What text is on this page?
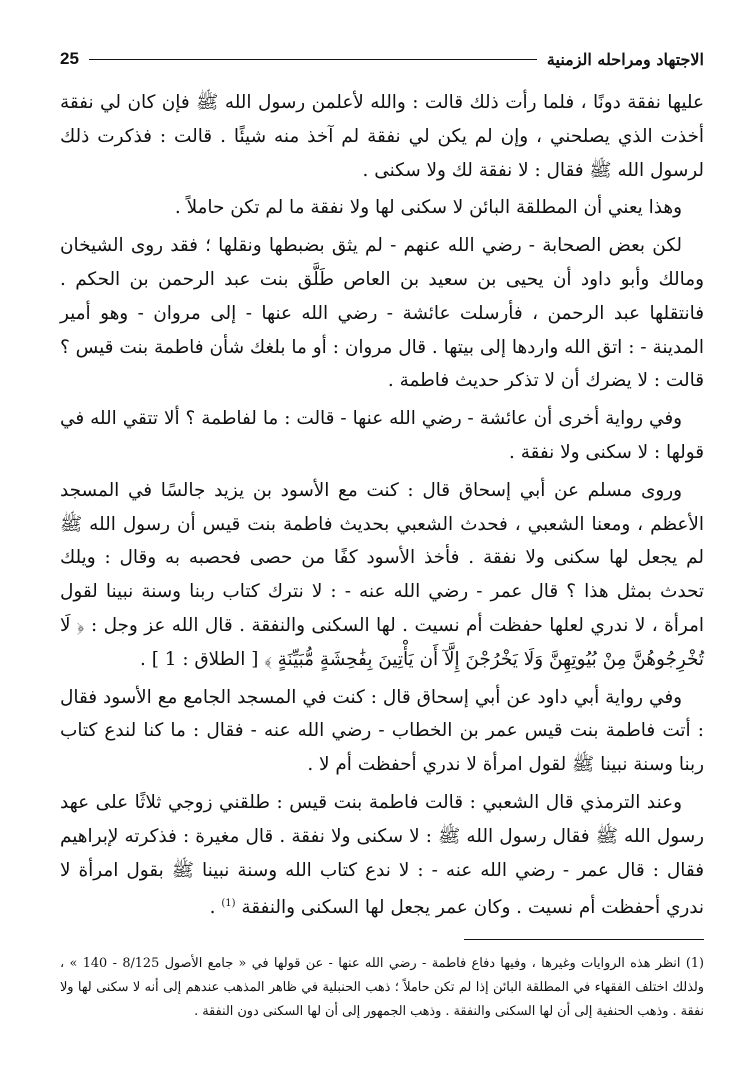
الاجتهاد ومراحله الزمنية
25

عليها نفقة دونًا ، فلما رأت ذلك قالت : والله لأعلمن رسول الله ﷺ فإن كان لي نفقة أخذت الذي يصلحني ، وإن لم يكن لي نفقة لم آخذ منه شيئًا . قالت : فذكرت ذلك لرسول الله ﷺ فقال : لا نفقة لك ولا سكنى .

وهذا يعني أن المطلقة البائن لا سكنى لها ولا نفقة ما لم تكن حاملاً .

لكن بعض الصحابة - رضي الله عنهم - لم يثق بضبطها ونقلها ؛ فقد روى الشيخان ومالك وأبو داود أن يحيى بن سعيد بن العاص طَلَّق بنت عبد الرحمن بن الحكم . فانتقلها عبد الرحمن ، فأرسلت عائشة - رضي الله عنها - إلى مروان - وهو أمير المدينة - : اتق الله واردها إلى بيتها . قال مروان : أو ما بلغك شأن فاطمة بنت قيس ؟ قالت : لا يضرك أن لا تذكر حديث فاطمة .

وفي رواية أخرى أن عائشة - رضي الله عنها - قالت : ما لفاطمة ؟ ألا تتقي الله في قولها : لا سكنى ولا نفقة .

وروى مسلم عن أبي إسحاق قال : كنت مع الأسود بن يزيد جالسًا في المسجد الأعظم ، ومعنا الشعبي ، فحدث الشعبي بحديث فاطمة بنت قيس أن رسول الله ﷺ لم يجعل لها سكنى ولا نفقة . فأخذ الأسود كفًا من حصى فحصبه به وقال : ويلك تحدث بمثل هذا ؟ قال عمر - رضي الله عنه - : لا نترك كتاب ربنا وسنة نبينا لقول امرأة ، لا ندري لعلها حفظت أم نسيت . لها السكنى والنفقة . قال الله عز وجل : ﴿ لَا تُخْرِجُوهُنَّ مِنْ بُيُوتِهِنَّ وَلَا يَخْرُجْنَ إِلَّآ أَن يَأْتِينَ بِفَٰحِشَةٍ مُّبَيِّنَةٍ ﴾ [ الطلاق : 1 ] .

وفي رواية أبي داود عن أبي إسحاق قال : كنت في المسجد الجامع مع الأسود فقال : أتت فاطمة بنت قيس عمر بن الخطاب - رضي الله عنه - فقال : ما كنا لندع كتاب ربنا وسنة نبينا ﷺ لقول امرأة لا ندري أحفظت أم لا .

وعند الترمذي قال الشعبي : قالت فاطمة بنت قيس : طلقني زوجي ثلاثًا على عهد رسول الله ﷺ فقال رسول الله ﷺ : لا سكنى ولا نفقة . قال مغيرة : فذكرته لإبراهيم فقال : قال عمر - رضي الله عنه - : لا ندع كتاب الله وسنة نبينا ﷺ بقول امرأة لا ندري أحفظت أم نسيت . وكان عمر يجعل لها السكنى والنفقة $^{(1)}$ .

(1) انظر هذه الروايات وغيرها ، وفيها دفاع فاطمة - رضي الله عنها - عن قولها في « جامع الأصول 8/125 - 140 » ، ولذلك اختلف الفقهاء في المطلقة البائن إذا لم تكن حاملاً ؛ ذهب الحنبلية في ظاهر المذهب عندهم إلى أنه لا سكنى لها ولا نفقة . وذهب الحنفية إلى أن لها السكنى والنفقة . وذهب الجمهور إلى أن لها السكنى دون النفقة .
